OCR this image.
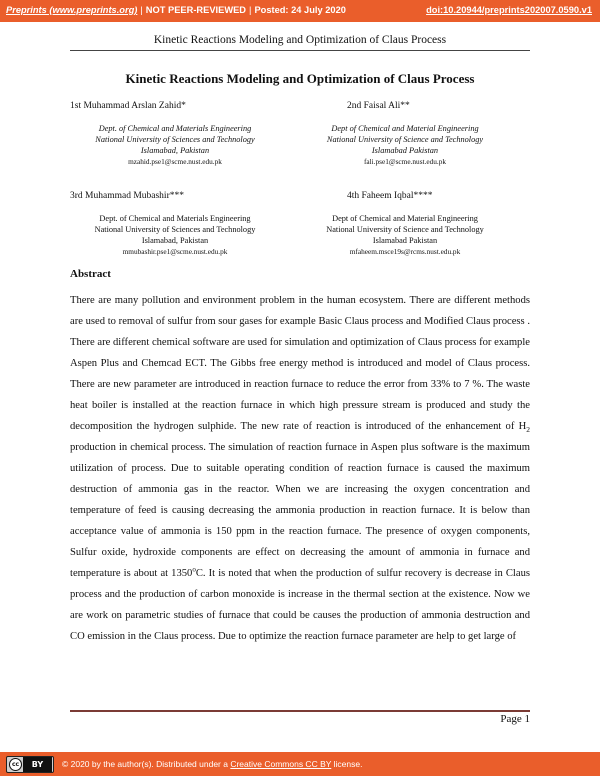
Preprints (www.preprints.org) | NOT PEER-REVIEWED | Posted: 24 July 2020	doi:10.20944/preprints202007.0590.v1
Kinetic Reactions Modeling and Optimization of Claus Process
Kinetic Reactions Modeling and Optimization of Claus Process
1st Muhammad Arslan Zahid*
Dept. of Chemical and Materials Engineering
National University of Sciences and Technology
Islamabad, Pakistan
mzahid.pse1@scme.nust.edu.pk
2nd Faisal Ali**
Dept of Chemical and Material Engineering
National University of Science and Technology
Islamabad Pakistan
fali.pse1@scme.nust.edu.pk
3rd Muhammad Mubashir***
Dept. of Chemical and Materials Engineering
National University of Sciences and Technology
Islamabad, Pakistan
mmubashir.pse1@scme.nust.edu.pk
4th Faheem Iqbal****
Dept of Chemical and Material Engineering
National University of Science and Technology
Islamabad Pakistan
mfaheem.msce19s@rcms.nust.edu.pk
Abstract

There are many pollution and environment problem in the human ecosystem. There are different methods are used to removal of sulfur from sour gases for example Basic Claus process and Modified Claus process . There are different chemical software are used for simulation and optimization of Claus process for example Aspen Plus and Chemcad ECT. The Gibbs free energy method is introduced and model of Claus process. There are new parameter are introduced in reaction furnace to reduce the error from 33% to 7 %. The waste heat boiler is installed at the reaction furnace in which high pressure stream is produced and study the decomposition the hydrogen sulphide. The new rate of reaction is introduced of the enhancement of $H_2$ production in chemical process. The simulation of reaction furnace in Aspen plus software is the maximum utilization of process. Due to suitable operating condition of reaction furnace is caused the maximum destruction of ammonia gas in the reactor. When we are increasing the oxygen concentration and temperature of feed is causing decreasing the ammonia production in reaction furnace. It is below than acceptance value of ammonia is 150 ppm in the reaction furnace. The presence of oxygen components, Sulfur oxide, hydroxide components are effect on decreasing the amount of ammonia in furnace and temperature is about at 1350$^o$C. It is noted that when the production of sulfur recovery is decrease in Claus process and the production of carbon monoxide is increase in the thermal section at the existence. Now we are work on parametric studies of furnace that could be causes the production of ammonia destruction and CO emission in the Claus process. Due to optimize the reaction furnace parameter are help to get large of

Page 1
cc	BY	© 2020 by the author(s). Distributed under a Creative Commons CC BY license.
